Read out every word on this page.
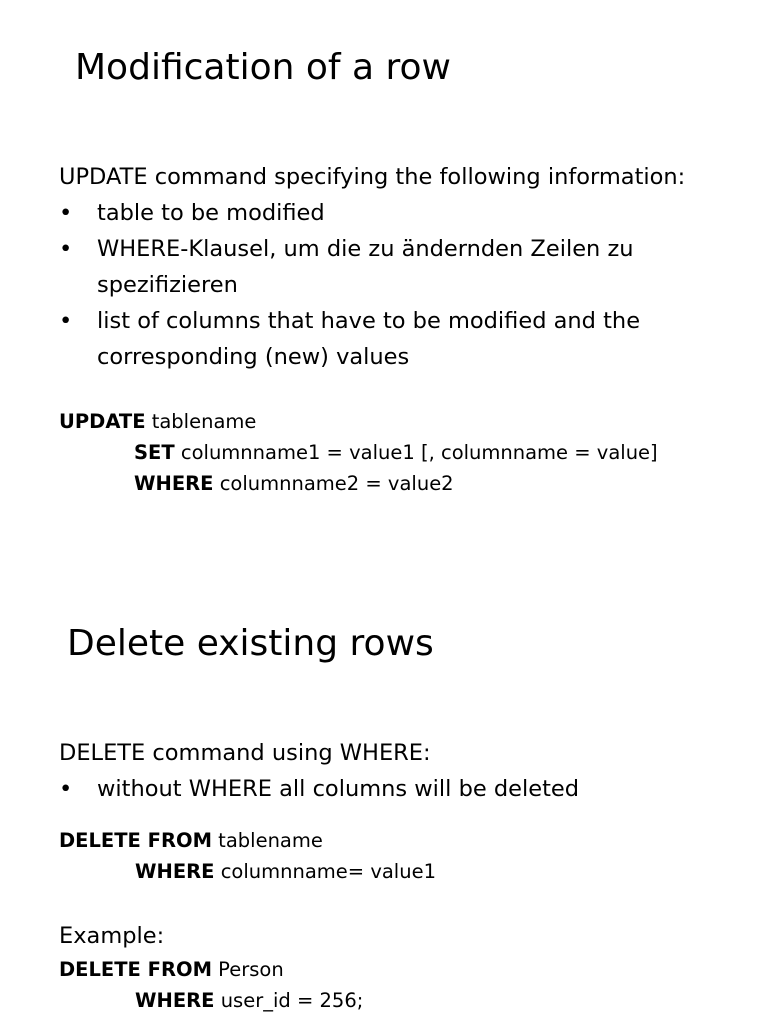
Modification of a row
UPDATE command specifying the following information:
• table to be modified
• WHERE-Klausel, um die zu ändernden Zeilen zu spezifizieren
• list of columns that have to be modified and the corresponding (new) values
UPDATE tablename
SET columnname1 = value1 [, columnname = value]
WHERE columnname2 = value2
Delete existing rows
DELETE command using WHERE:
• without WHERE all columns will be deleted
DELETE FROM tablename
WHERE columnname= value1
Example:
DELETE FROM Person
WHERE user_id = 256;
